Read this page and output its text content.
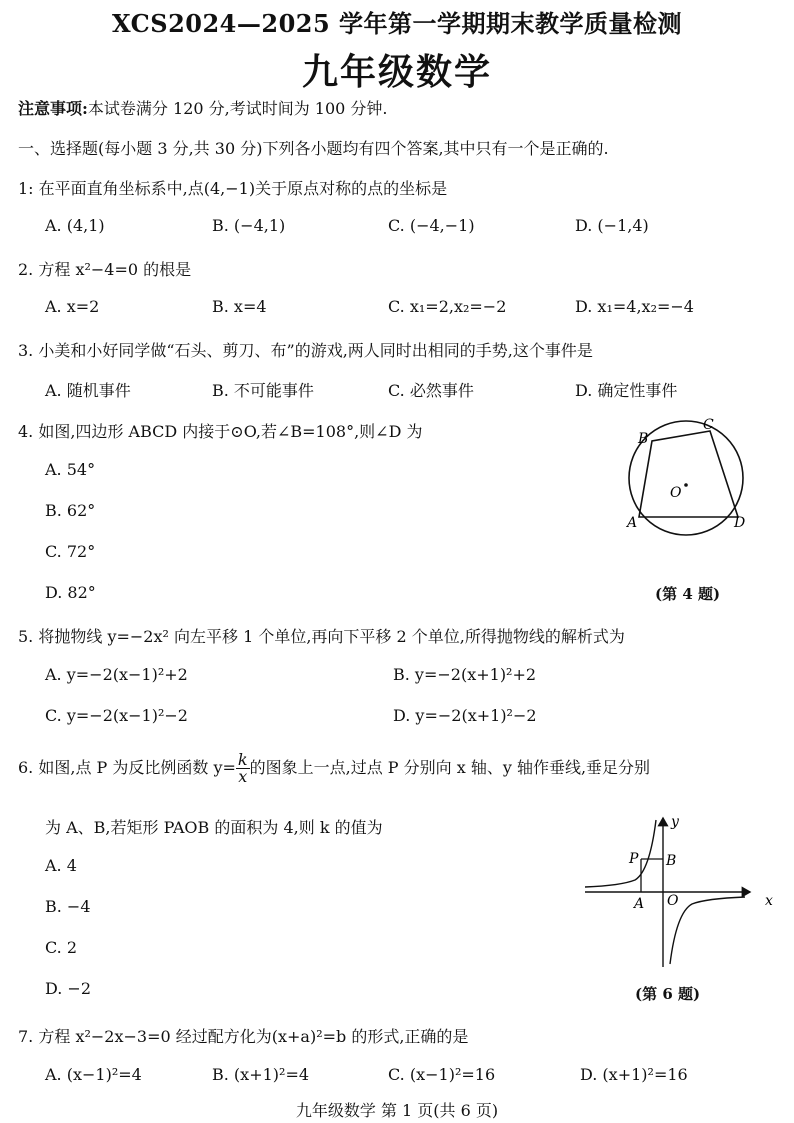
XCS2024—2025 学年第一学期期末教学质量检测
九年级数学
注意事项:本试卷满分 120 分,考试时间为 100 分钟.
一、选择题(每小题 3 分,共 30 分)下列各小题均有四个答案,其中只有一个是正确的.
1: 在平面直角坐标系中,点(4,−1)关于原点对称的点的坐标是
A. (4,1)	B. (−4,1)	C. (−4,−1)	D. (−1,4)
2. 方程 x²−4=0 的根是
A. x=2	B. x=4	C. x₁=2,x₂=−2	D. x₁=4,x₂=−4
3. 小美和小好同学做“石头、剪刀、布”的游戏,两人同时出相同的手势,这个事件是
A. 随机事件	B. 不可能事件	C. 必然事件	D. 确定性事件
4. 如图,四边形 ABCD 内接于⊙O,若∠B=108°,则∠D 为
A. 54°
B. 62°
C. 72°
D. 82°
B
C
O
A	D
(第 4 题)
5. 将抛物线 y=−2x² 向左平移 1 个单位,再向下平移 2 个单位,所得抛物线的解析式为
A. y=−2(x−1)²+2	B. y=−2(x+1)²+2
C. y=−2(x−1)²−2	D. y=−2(x+1)²−2
6. 如图,点 P 为反比例函数 $y= \frac{k}{x}$ 的图象上一点,过点 P 分别向 x 轴、y 轴作垂线,垂足分别
为 A、B,若矩形 PAOB 的面积为 4,则 k 的值为
A. 4
B. −4
C. 2
D. −2
y
x
P B
A O
(第 6 题)
7. 方程 x²−2x−3=0 经过配方化为(x+a)²=b 的形式,正确的是
A. (x−1)²=4	B. (x+1)²=4	C. (x−1)²=16	D. (x+1)²=16
九年级数学 第 1 页(共 6 页)
